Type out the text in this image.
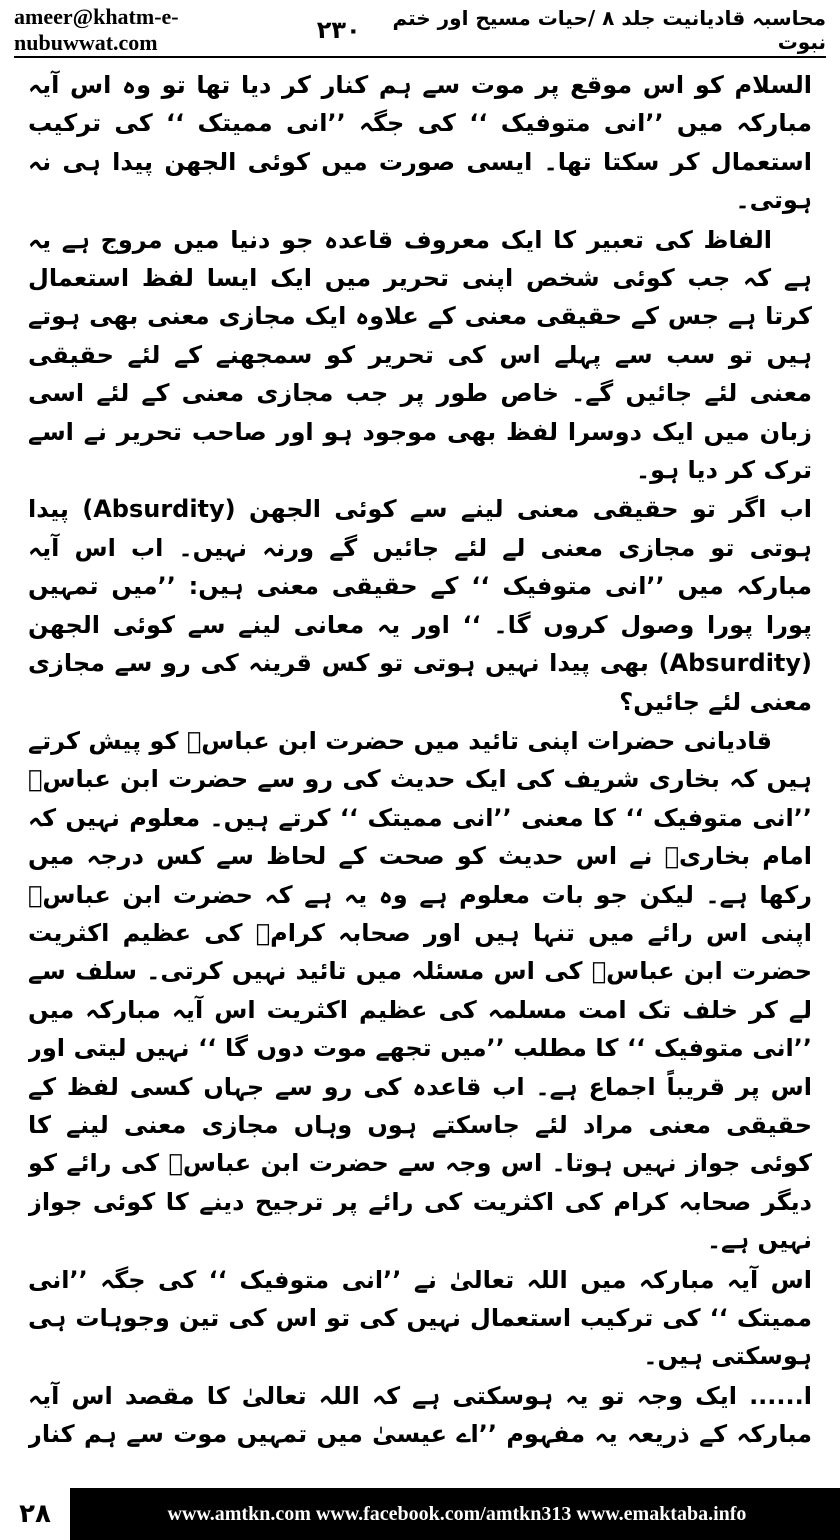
ameer@khatm-e-nubuwwat.com	۲۳۰	محاسبہ قادیانیت جلد ۸ /حیات مسیح اور ختم نبوت

السلام کو اس موقع پر موت سے ہم کنار کر دیا تھا تو وہ اس آیہ مبارکہ میں ’’انی متوفیک ‘‘ کی جگہ ’’انی ممیتک ‘‘ کی ترکیب استعمال کر سکتا تھا۔ ایسی صورت میں کوئی الجھن پیدا ہی نہ ہوتی۔

الفاظ کی تعبیر کا ایک معروف قاعدہ جو دنیا میں مروج ہے یہ ہے کہ جب کوئی شخص اپنی تحریر میں ایک ایسا لفظ استعمال کرتا ہے جس کے حقیقی معنی کے علاوہ ایک مجازی معنی بھی ہوتے ہیں تو سب سے پہلے اس کی تحریر کو سمجھنے کے لئے حقیقی معنی لئے جائیں گے۔ خاص طور پر جب مجازی معنی کے لئے اسی زبان میں ایک دوسرا لفظ بھی موجود ہو اور صاحب تحریر نے اسے ترک کر دیا ہو۔

اب اگر تو حقیقی معنی لینے سے کوئی الجھن (Absurdity) پیدا ہوتی تو مجازی معنی لے لئے جائیں گے ورنہ نہیں۔ اب اس آیہ مبارکہ میں ’’انی متوفیک ‘‘ کے حقیقی معنی ہیں: ’’میں تمہیں پورا پورا وصول کروں گا۔ ‘‘ اور یہ معانی لینے سے کوئی الجھن (Absurdity) بھی پیدا نہیں ہوتی تو کس قرینہ کی رو سے مجازی معنی لئے جائیں؟

قادیانی حضرات اپنی تائید میں حضرت ابن عباسؓ کو پیش کرتے ہیں کہ بخاری شریف کی ایک حدیث کی رو سے حضرت ابن عباسؓ ’’انی متوفیک ‘‘ کا معنی ’’انی ممیتک ‘‘ کرتے ہیں۔ معلوم نہیں کہ امام بخاریؒ نے اس حدیث کو صحت کے لحاظ سے کس درجہ میں رکھا ہے۔ لیکن جو بات معلوم ہے وہ یہ ہے کہ حضرت ابن عباسؓ اپنی اس رائے میں تنہا ہیں اور صحابہ کرامؓ کی عظیم اکثریت حضرت ابن عباسؓ کی اس مسئلہ میں تائید نہیں کرتی۔ سلف سے لے کر خلف تک امت مسلمہ کی عظیم اکثریت اس آیہ مبارکہ میں ’’انی متوفیک ‘‘ کا مطلب ’’میں تجھے موت دوں گا ‘‘ نہیں لیتی اور اس پر قریباً اجماع ہے۔ اب قاعدہ کی رو سے جہاں کسی لفظ کے حقیقی معنی مراد لئے جاسکتے ہوں وہاں مجازی معنی لینے کا کوئی جواز نہیں ہوتا۔ اس وجہ سے حضرت ابن عباسؓ کی رائے کو دیگر صحابہ کرام کی اکثریت کی رائے پر ترجیح دینے کا کوئی جواز نہیں ہے۔

اس آیہ مبارکہ میں اللہ تعالیٰ نے ’’انی متوفیک ‘‘ کی جگہ ’’انی ممیتک ‘‘ کی ترکیب استعمال نہیں کی تو اس کی تین وجوہات ہی ہوسکتی ہیں۔

ا...... ایک وجہ تو یہ ہوسکتی ہے کہ اللہ تعالیٰ کا مقصد اس آیہ مبارکہ کے ذریعہ یہ مفہوم ’’اے عیسیٰ میں تمہیں موت سے ہم کنار

۲۸	www.amtkn.com www.facebook.com/amtkn313 www.emaktaba.info
